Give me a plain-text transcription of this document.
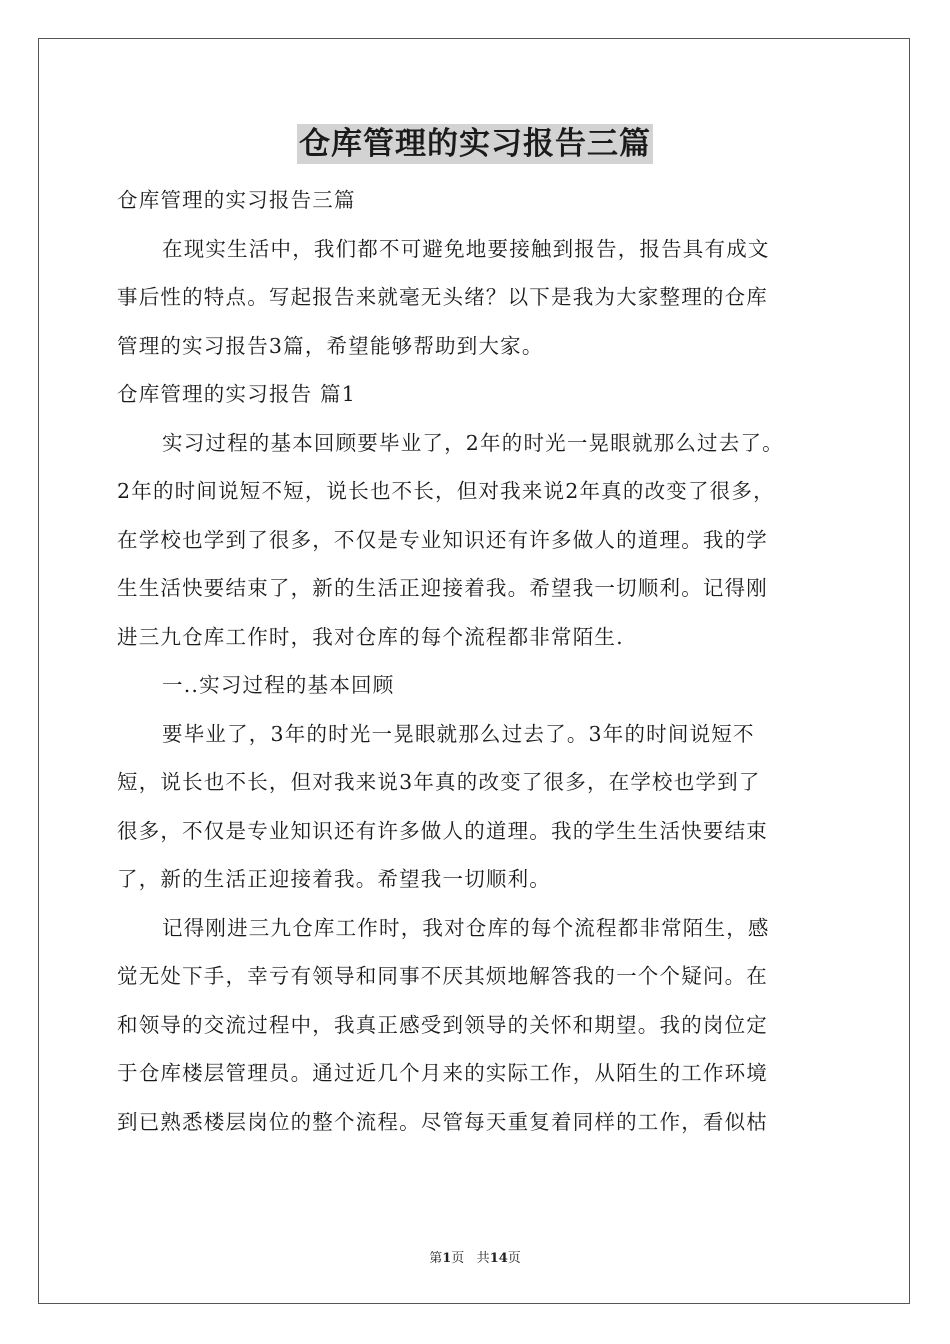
仓库管理的实习报告三篇
仓库管理的实习报告三篇
在现实生活中，我们都不可避免地要接触到报告，报告具有成文
事后性的特点。写起报告来就毫无头绪？以下是我为大家整理的仓库
管理的实习报告3篇，希望能够帮助到大家。
仓库管理的实习报告 篇1
实习过程的基本回顾要毕业了，2年的时光一晃眼就那么过去了。
2年的时间说短不短，说长也不长，但对我来说2年真的改变了很多，
在学校也学到了很多，不仅是专业知识还有许多做人的道理。我的学
生生活快要结束了，新的生活正迎接着我。希望我一切顺利。记得刚
进三九仓库工作时，我对仓库的每个流程都非常陌生.
一..实习过程的基本回顾
要毕业了，3年的时光一晃眼就那么过去了。3年的时间说短不
短，说长也不长，但对我来说3年真的改变了很多，在学校也学到了
很多，不仅是专业知识还有许多做人的道理。我的学生生活快要结束
了，新的生活正迎接着我。希望我一切顺利。
记得刚进三九仓库工作时，我对仓库的每个流程都非常陌生，感
觉无处下手，幸亏有领导和同事不厌其烦地解答我的一个个疑问。在
和领导的交流过程中，我真正感受到领导的关怀和期望。我的岗位定
于仓库楼层管理员。通过近几个月来的实际工作，从陌生的工作环境
到已熟悉楼层岗位的整个流程。尽管每天重复着同样的工作，看似枯
第1页 共14页
